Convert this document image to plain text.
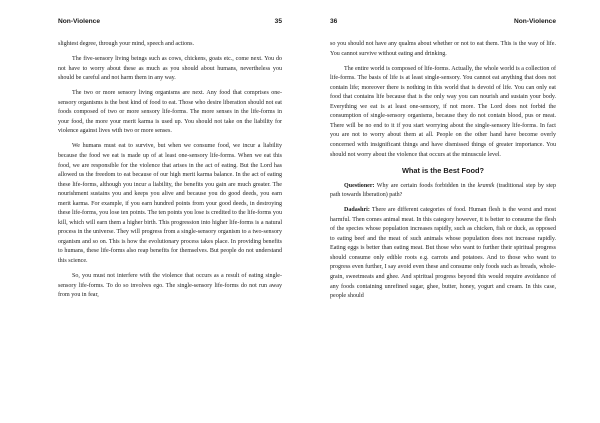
Non-Violence	35

slightest degree, through your mind, speech and actions.

The five-sensory living beings such as cows, chickens, goats etc., come next. You do not have to worry about these as much as you should about humans, nevertheless you should be careful and not harm them in any way.

The two or more sensory living organisms are next. Any food that comprises one-sensory organisms is the best kind of food to eat. Those who desire liberation should not eat foods composed of two or more sensory life-forms. The more senses in the life-forms in your food, the more your merit karma is used up. You should not take on the liability for violence against lives with two or more senses.

We humans must eat to survive, but when we consume food, we incur a liability because the food we eat is made up of at least one-sensory life-forms. When we eat this food, we are responsible for the violence that arises in the act of eating. But the Lord has allowed us the freedom to eat because of our high merit karma balance. In the act of eating these life-forms, although you incur a liability, the benefits you gain are much greater. The nourishment sustains you and keeps you alive and because you do good deeds, you earn merit karma. For example, if you earn hundred points from your good deeds, in destroying these life-forms, you lose ten points. The ten points you lose is credited to the life-forms you kill, which will earn them a higher birth. This progression into higher life-forms is a natural process in the universe. They will progress from a single-sensory organism to a two-sensory organism and so on. This is how the evolutionary process takes place. In providing benefits to humans, these life-forms also reap benefits for themselves. But people do not understand this science.

So, you must not interfere with the violence that occurs as a result of eating single-sensory life-forms. To do so involves ego. The single-sensory life-forms do not run away from you in fear,

36	Non-Violence

so you should not have any qualms about whether or not to eat them. This is the way of life. You cannot survive without eating and drinking.

The entire world is composed of life-forms. Actually, the whole world is a collection of life-forms. The basis of life is at least single-sensory. You cannot eat anything that does not contain life; moreover there is nothing in this world that is devoid of life. You can only eat food that contains life because that is the only way you can nourish and sustain your body. Everything we eat is at least one-sensory, if not more. The Lord does not forbid the consumption of single-sensory organisms, because they do not contain blood, pus or meat. There will be no end to it if you start worrying about the single-sensory life-forms. In fact you are not to worry about them at all. People on the other hand have become overly concerned with insignificant things and have dismissed things of greater importance. You should not worry about the violence that occurs at the minuscule level.

What is the Best Food?

Questioner: Why are certain foods forbidden in the kramik (traditional step by step path towards liberation) path?

Dadashri: There are different categories of food. Human flesh is the worst and most harmful. Then comes animal meat. In this category however, it is better to consume the flesh of the species whose population increases rapidly, such as chicken, fish or duck, as opposed to eating beef and the meat of such animals whose population does not increase rapidly. Eating eggs is better than eating meat. But those who want to further their spiritual progress should consume only edible roots e.g. carrots and potatoes. And to those who want to progress even further, I say avoid even these and consume only foods such as breads, whole-grain, sweetmeats and ghee. And spiritual progress beyond this would require avoidance of any foods containing unrefined sugar, ghee, butter, honey, yogurt and cream. In this case, people should
